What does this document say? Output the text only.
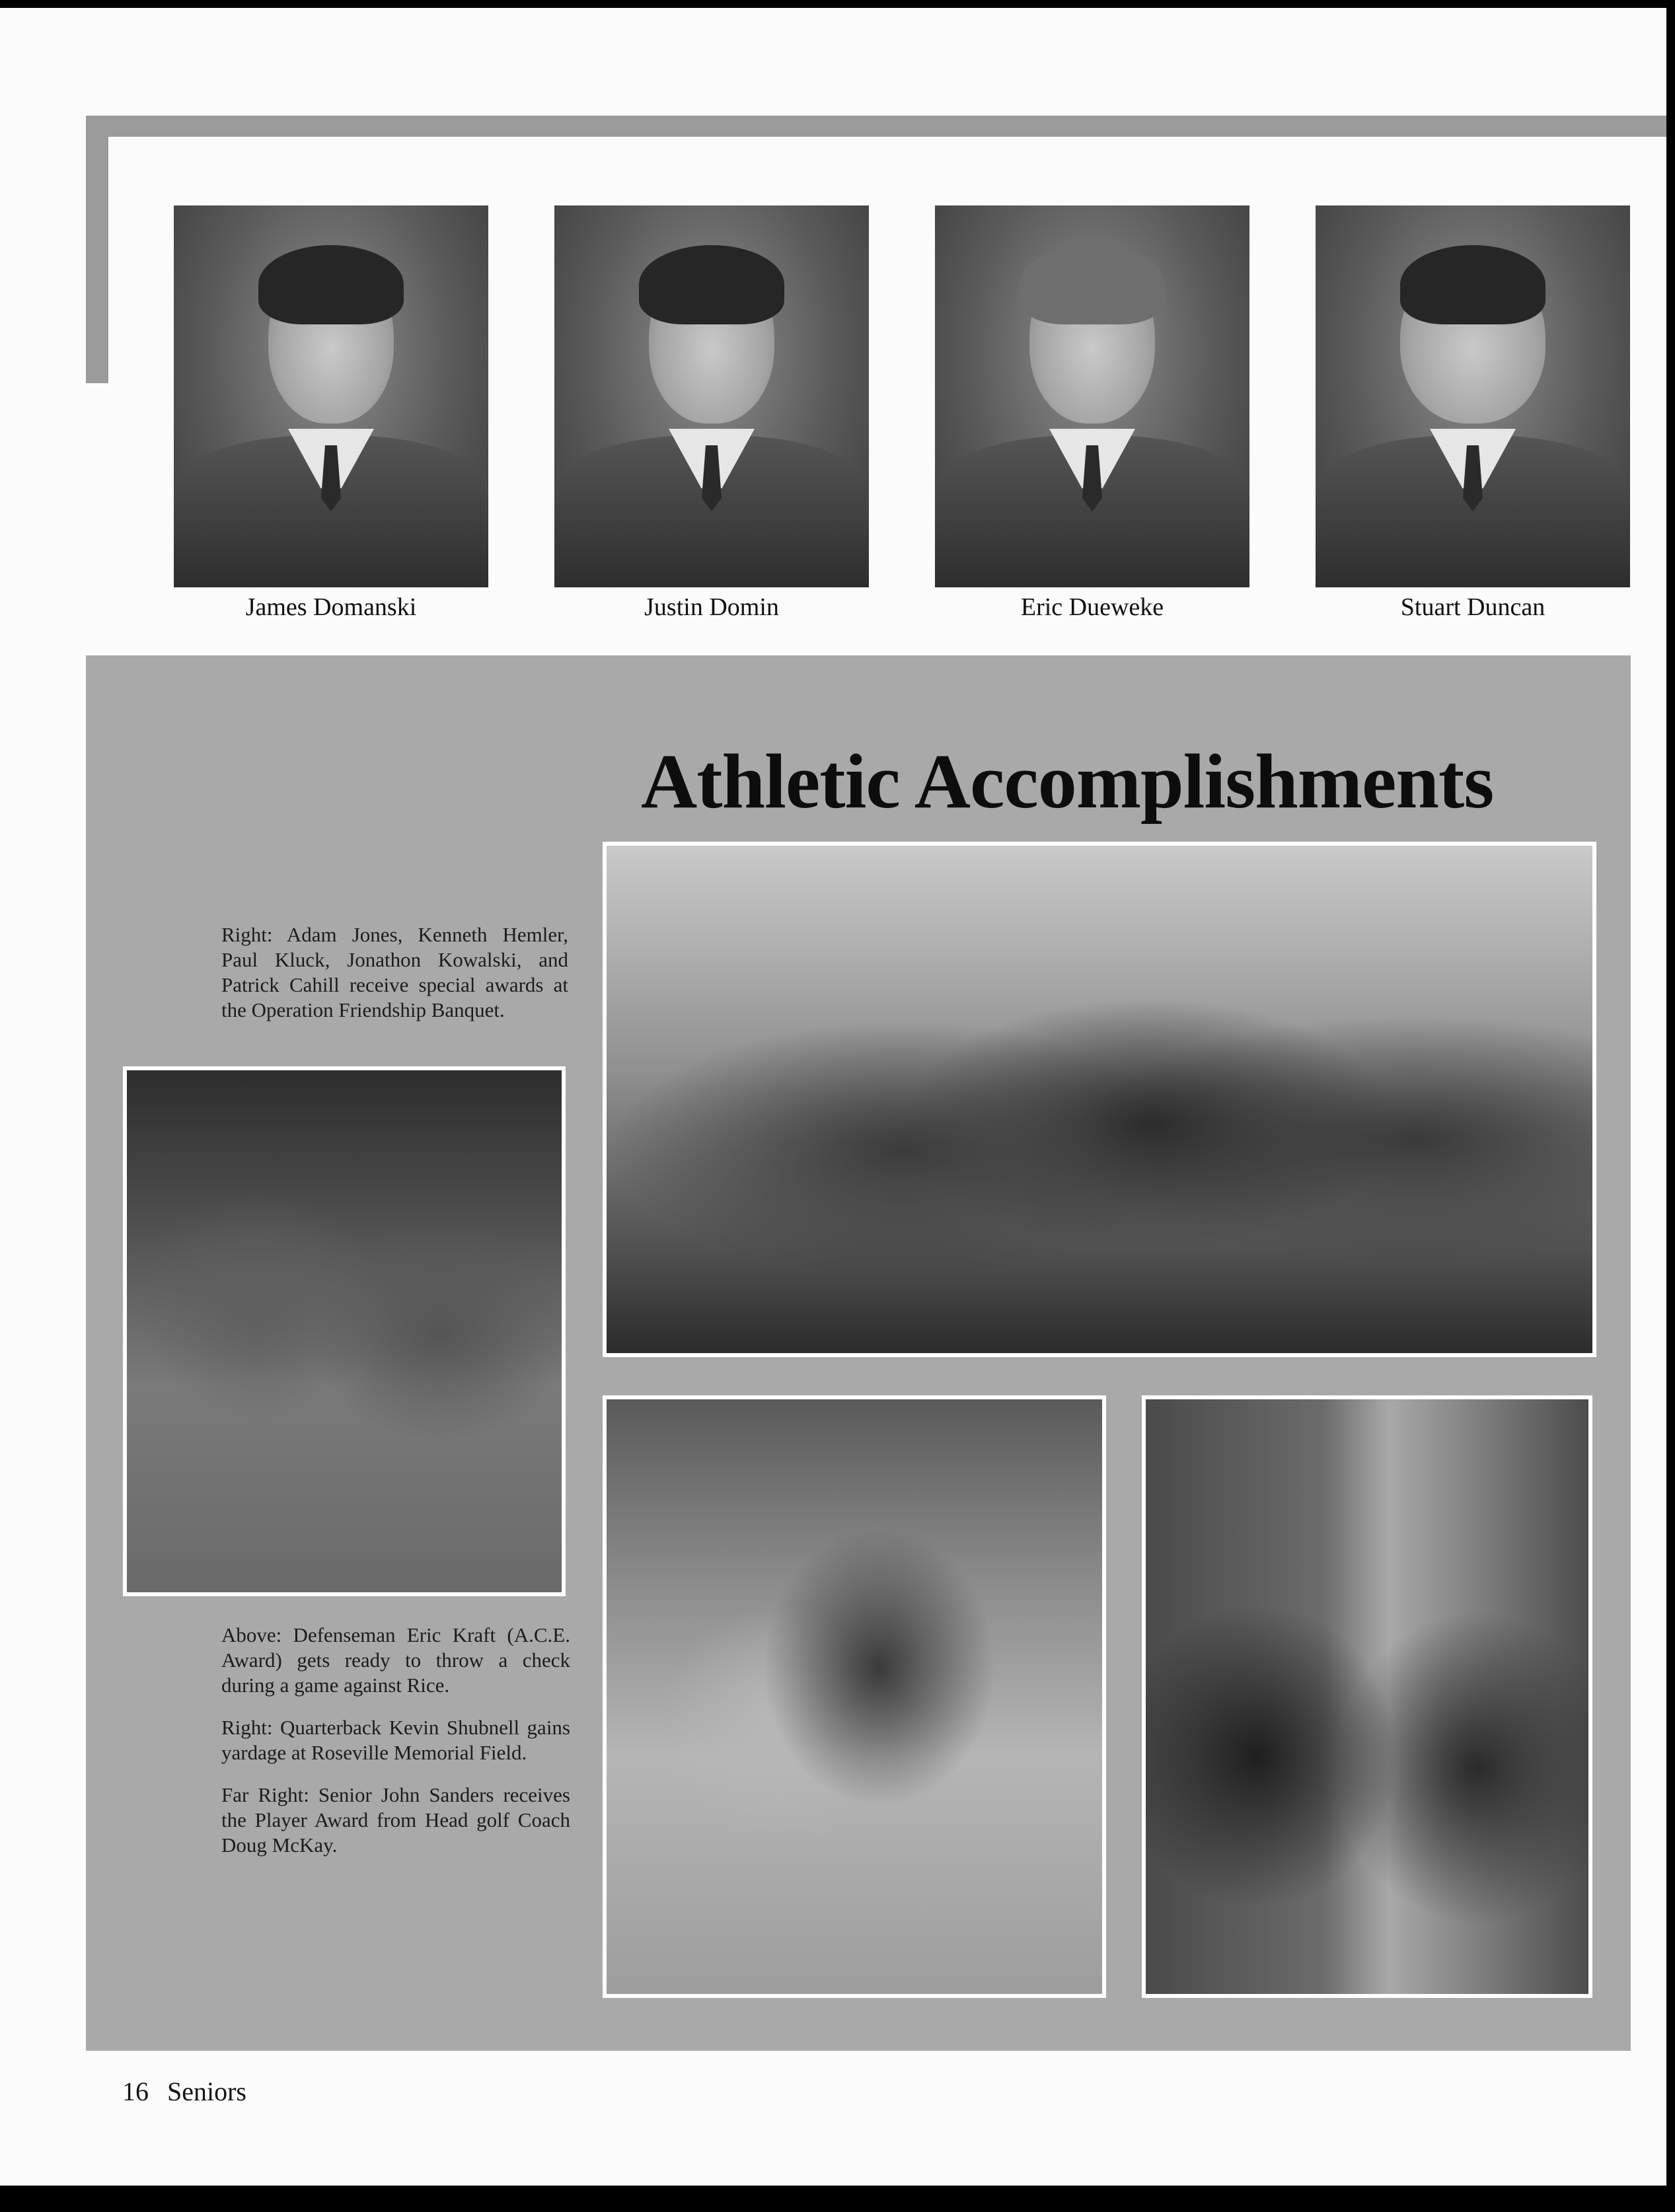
James Domanski	Justin Domin	Eric Dueweke	Stuart Duncan
Athletic Accomplishments

Right: Adam Jones, Kenneth Hemler, Paul Kluck, Jonathon Kowalski, and Patrick Cahill receive special awards at the Operation Friendship Banquet.

Above: Defenseman Eric Kraft (A.C.E. Award) gets ready to throw a check during a game against Rice.

Right: Quarterback Kevin Shubnell gains yardage at Roseville Memorial Field.

Far Right: Senior John Sanders receives the Player Award from Head golf Coach Doug McKay.

16 Seniors
